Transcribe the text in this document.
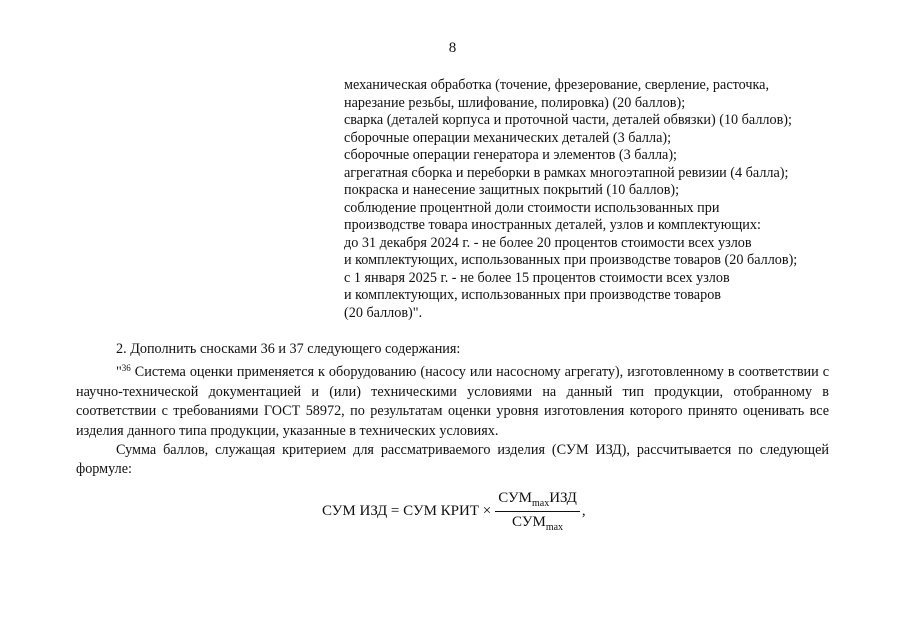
8
механическая обработка (точение, фрезерование, сверление, расточка,
нарезание резьбы, шлифование, полировка) (20 баллов);
сварка (деталей корпуса и проточной части, деталей обвязки) (10 баллов);
сборочные операции механических деталей (3 балла);
сборочные операции генератора и элементов (3 балла);
агрегатная сборка и переборки в рамках многоэтапной ревизии (4 балла);
покраска и нанесение защитных покрытий (10 баллов);
соблюдение процентной доли стоимости использованных при
производстве товара иностранных деталей, узлов и комплектующих:
до 31 декабря 2024 г. - не более 20 процентов стоимости всех узлов
и комплектующих, использованных при производстве товаров (20 баллов);
с 1 января 2025 г. - не более 15 процентов стоимости всех узлов
и комплектующих, использованных при производстве товаров
(20 баллов)".
2. Дополнить сносками 36 и 37 следующего содержания:
"$^{36}$ Система оценки применяется к оборудованию (насосу или насосному агрегату), изготовленному в соответствии с научно-технической документацией и (или) техническими условиями на данный тип продукции, отобранному в соответствии с требованиями ГОСТ 58972, по результатам оценки уровня изготовления которого принято оценивать все изделия данного типа продукции, указанные в технических условиях.
Сумма баллов, служащая критерием для рассматриваемого изделия (СУМ ИЗД), рассчитывается по следующей формуле:
СУМ ИЗД = СУМ КРИТ × $\frac{СУМ_{max}ИЗД}{СУМ_{max}}$ ,
